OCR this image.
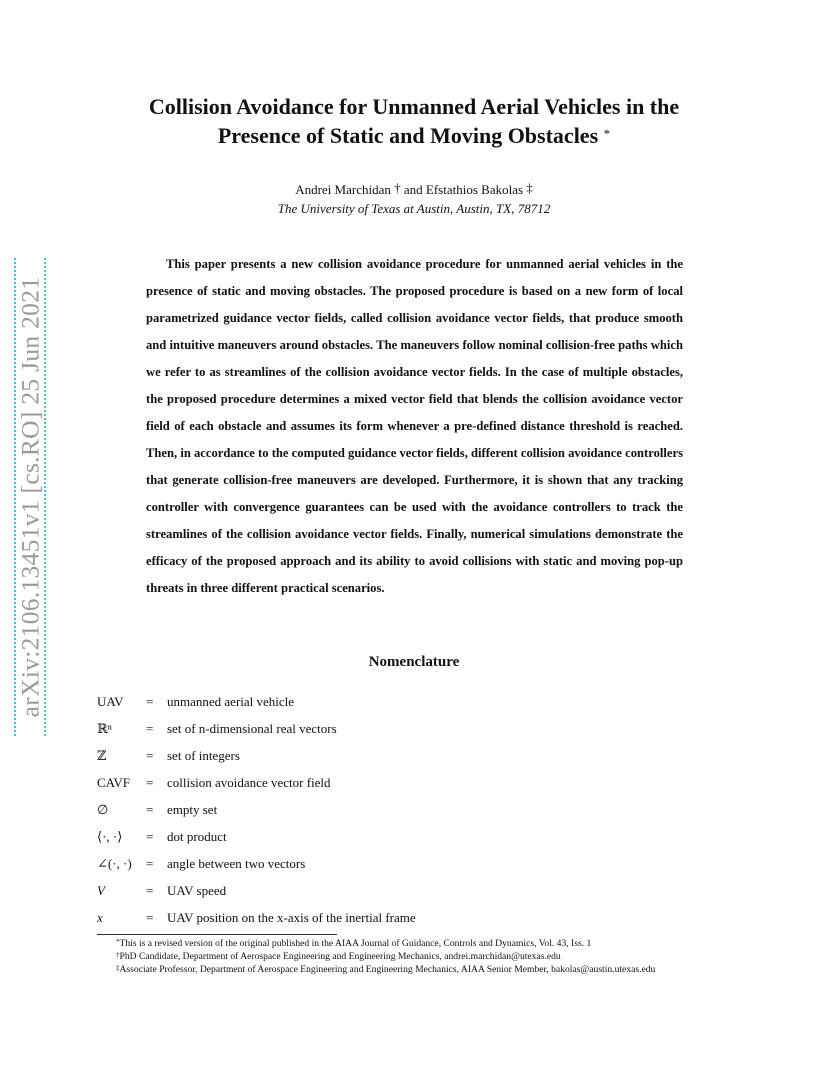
arXiv:2106.13451v1 [cs.RO] 25 Jun 2021
Collision Avoidance for Unmanned Aerial Vehicles in the
Presence of Static and Moving Obstacles *
Andrei Marchidan † and Efstathios Bakolas ‡
The University of Texas at Austin, Austin, TX, 78712

This paper presents a new collision avoidance procedure for unmanned aerial vehicles in the presence of static and moving obstacles. The proposed procedure is based on a new form of local parametrized guidance vector fields, called collision avoidance vector fields, that produce smooth and intuitive maneuvers around obstacles. The maneuvers follow nominal collision-free paths which we refer to as streamlines of the collision avoidance vector fields. In the case of multiple obstacles, the proposed procedure determines a mixed vector field that blends the collision avoidance vector field of each obstacle and assumes its form whenever a pre-defined distance threshold is reached. Then, in accordance to the computed guidance vector fields, different collision avoidance controllers that generate collision-free maneuvers are developed. Furthermore, it is shown that any tracking controller with convergence guarantees can be used with the avoidance controllers to track the streamlines of the collision avoidance vector fields. Finally, numerical simulations demonstrate the efficacy of the proposed approach and its ability to avoid collisions with static and moving pop-up threats in three different practical scenarios.

Nomenclature
UAV = unmanned aerial vehicle
ℝⁿ	= set of n-dimensional real vectors
ℤ	= set of integers
CAVF = collision avoidance vector field
∅	= empty set
⟨·, ·⟩ = dot product
∠(·, ·) = angle between two vectors
V	= UAV speed
x	= UAV position on the x-axis of the inertial frame
*This is a revised version of the original published in the AIAA Journal of Guidance, Controls and Dynamics, Vol. 43, Iss. 1
†PhD Candidate, Department of Aerospace Engineering and Engineering Mechanics, andrei.marchidan@utexas.edu
‡Associate Professor, Department of Aerospace Engineering and Engineering Mechanics, AIAA Senior Member, bakolas@austin.utexas.edu
